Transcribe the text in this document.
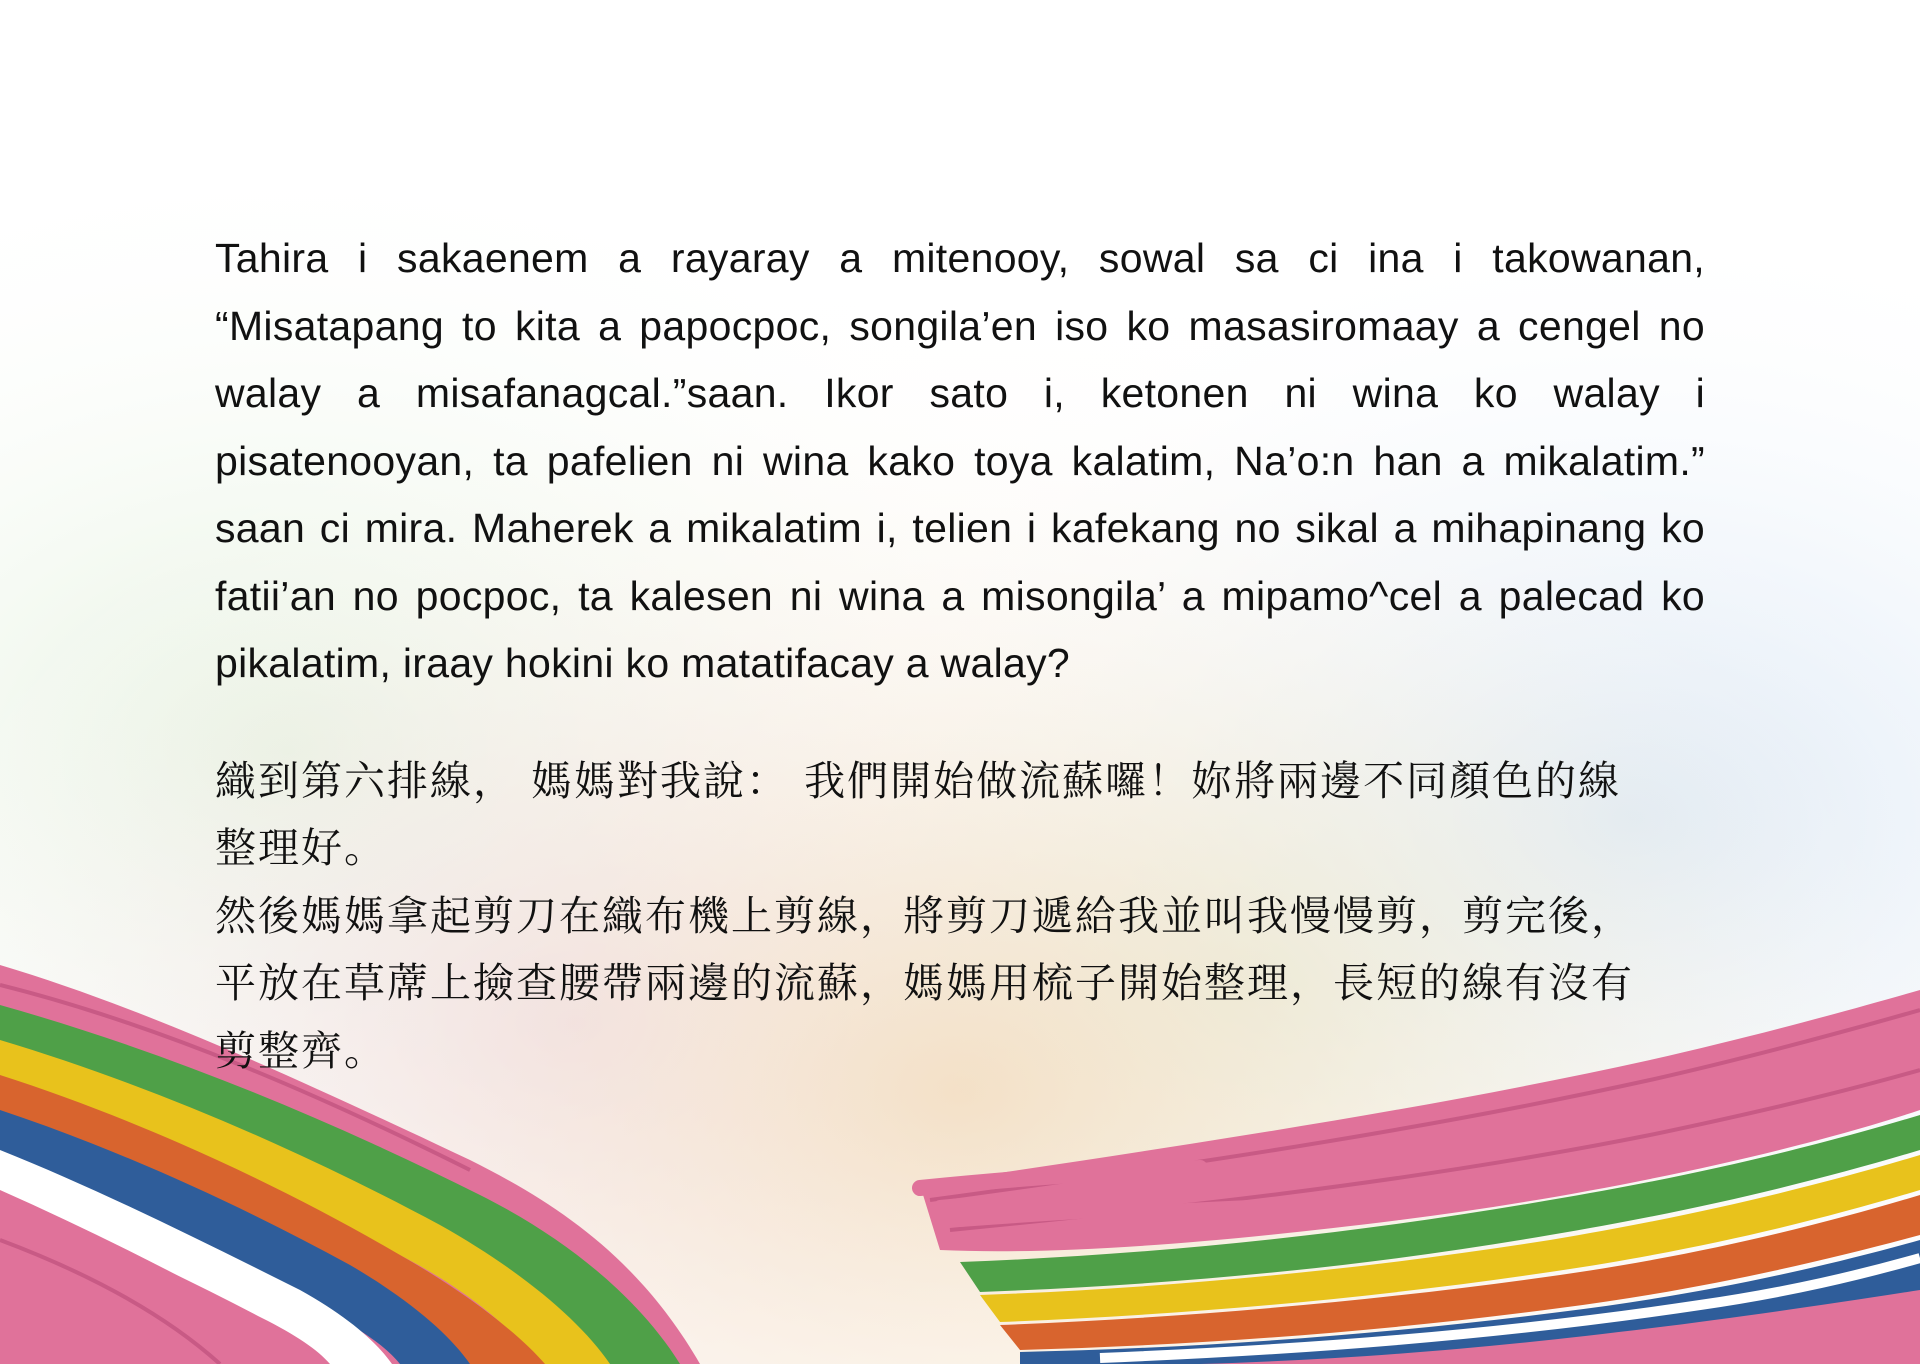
Tahira i sakaenem a rayaray a mitenooy, sowal sa ci ina i takowanan, “Misatapang to kita a papocpoc, songila’en iso ko masasiromaay a cengel no walay a misafanagcal.”saan. Ikor sato i, ketonen ni wina ko walay i pisatenooyan, ta pafelien ni wina kako toya kalatim, Na’o:n han a mikalatim.” saan ci mira. Maherek a mikalatim i, telien i kafekang no sikal a mihapinang ko fatii’an no pocpoc, ta kalesen ni wina a misongila’ a mipamo^cel a palecad ko pikalatim, iraay hokini ko matatifacay a walay?

織到第六排線， 媽媽對我說： 我們開始做流蘇囉！妳將兩邊不同顏色的線
整理好。

然後媽媽拿起剪刀在織布機上剪線，將剪刀遞給我並叫我慢慢剪，剪完後，
平放在草蓆上撿查腰帶兩邊的流蘇，媽媽用梳子開始整理，長短的線有沒有
剪整齊。
